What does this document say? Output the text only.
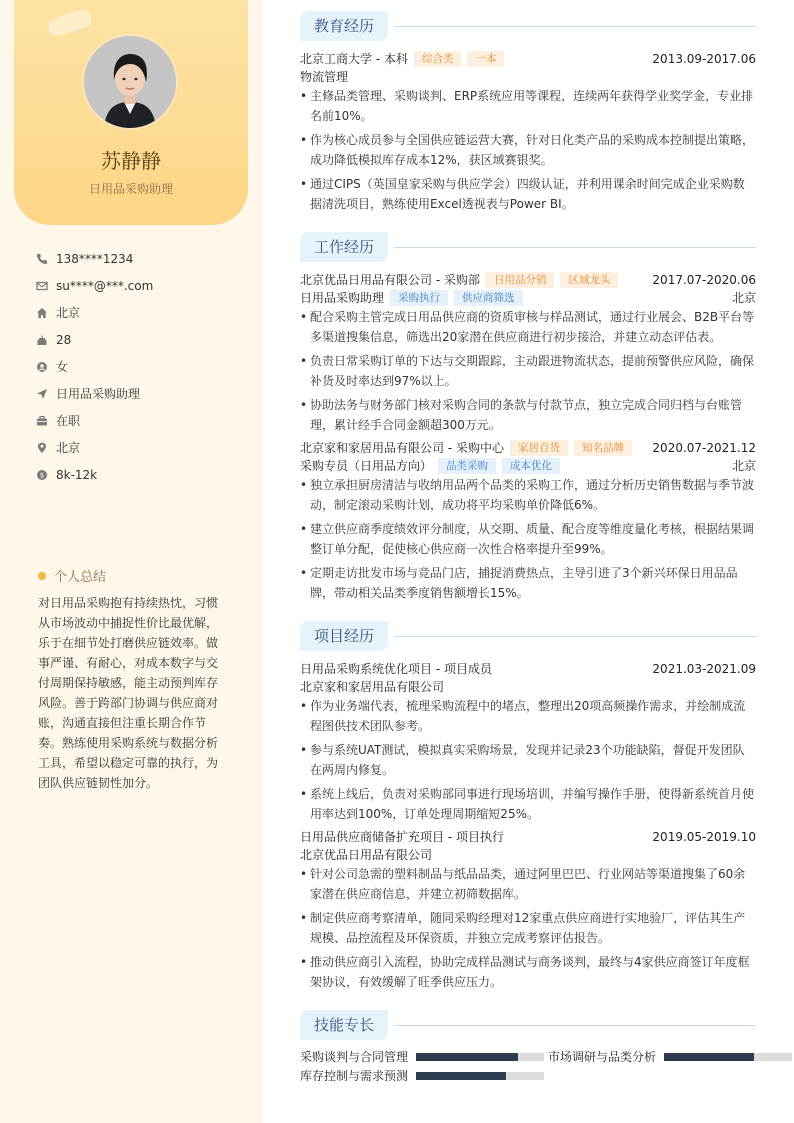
苏静静
日用品采购助理
138****1234
su****@***.com
北京
28
女
日用品采购助理
在职
北京
$ 8k-12k
个人总结
对日用品采购抱有持续热忱，习惯从市场波动中捕捉性价比最优解，乐于在细节处打磨供应链效率。做事严谨、有耐心，对成本数字与交付周期保持敏感，能主动预判库存风险。善于跨部门协调与供应商对账，沟通直接但注重长期合作节奏。熟练使用采购系统与数据分析工具，希望以稳定可靠的执行，为团队供应链韧性加分。
教育经历
北京工商大学 - 本科 综合类 一本	2013.09-2017.06
物流管理
• 主修品类管理、采购谈判、ERP系统应用等课程，连续两年获得学业奖学金，专业排名前10%。
• 作为核心成员参与全国供应链运营大赛，针对日化类产品的采购成本控制提出策略，成功降低模拟库存成本12%，获区域赛银奖。
• 通过CIPS（英国皇家采购与供应学会）四级认证，并利用课余时间完成企业采购数据清洗项目，熟练使用Excel透视表与Power BI。
工作经历
北京优品日用品有限公司 - 采购部 日用品分销 区域龙头	2017.07-2020.06
日用品采购助理 采购执行 供应商筛选	北京
• 配合采购主管完成日用品供应商的资质审核与样品测试，通过行业展会、B2B平台等多渠道搜集信息，筛选出20家潜在供应商进行初步接洽，并建立动态评估表。
• 负责日常采购订单的下达与交期跟踪，主动跟进物流状态，提前预警供应风险，确保补货及时率达到97%以上。
• 协助法务与财务部门核对采购合同的条款与付款节点，独立完成合同归档与台账管理，累计经手合同金额超300万元。
北京家和家居用品有限公司 - 采购中心 家居百货 知名品牌 2020.07-2021.12
采购专员（日用品方向） 品类采购 成本优化	北京
• 独立承担厨房清洁与收纳用品两个品类的采购工作，通过分析历史销售数据与季节波动，制定滚动采购计划，成功将平均采购单价降低6%。
• 建立供应商季度绩效评分制度，从交期、质量、配合度等维度量化考核，根据结果调整订单分配，促使核心供应商一次性合格率提升至99%。
• 定期走访批发市场与竞品门店，捕捉消费热点，主导引进了3个新兴环保日用品品牌，带动相关品类季度销售额增长15%。
项目经历
日用品采购系统优化项目 - 项目成员	2021.03-2021.09
北京家和家居用品有限公司
• 作为业务端代表，梳理采购流程中的堵点，整理出20项高频操作需求，并绘制成流程图供技术团队参考。
• 参与系统UAT测试，模拟真实采购场景，发现并记录23个功能缺陷，督促开发团队在两周内修复。
• 系统上线后，负责对采购部同事进行现场培训，并编写操作手册，使得新系统首月使用率达到100%，订单处理周期缩短25%。
日用品供应商储备扩充项目 - 项目执行	2019.05-2019.10
北京优品日用品有限公司
• 针对公司急需的塑料制品与纸品品类，通过阿里巴巴、行业网站等渠道搜集了60余家潜在供应商信息，并建立初筛数据库。
• 制定供应商考察清单，随同采购经理对12家重点供应商进行实地验厂，评估其生产规模、品控流程及环保资质，并独立完成考察评估报告。
• 推动供应商引入流程，协助完成样品测试与商务谈判，最终与4家供应商签订年度框架协议，有效缓解了旺季供应压力。
技能专长
采购谈判与合同管理	市场调研与品类分析
库存控制与需求预测
